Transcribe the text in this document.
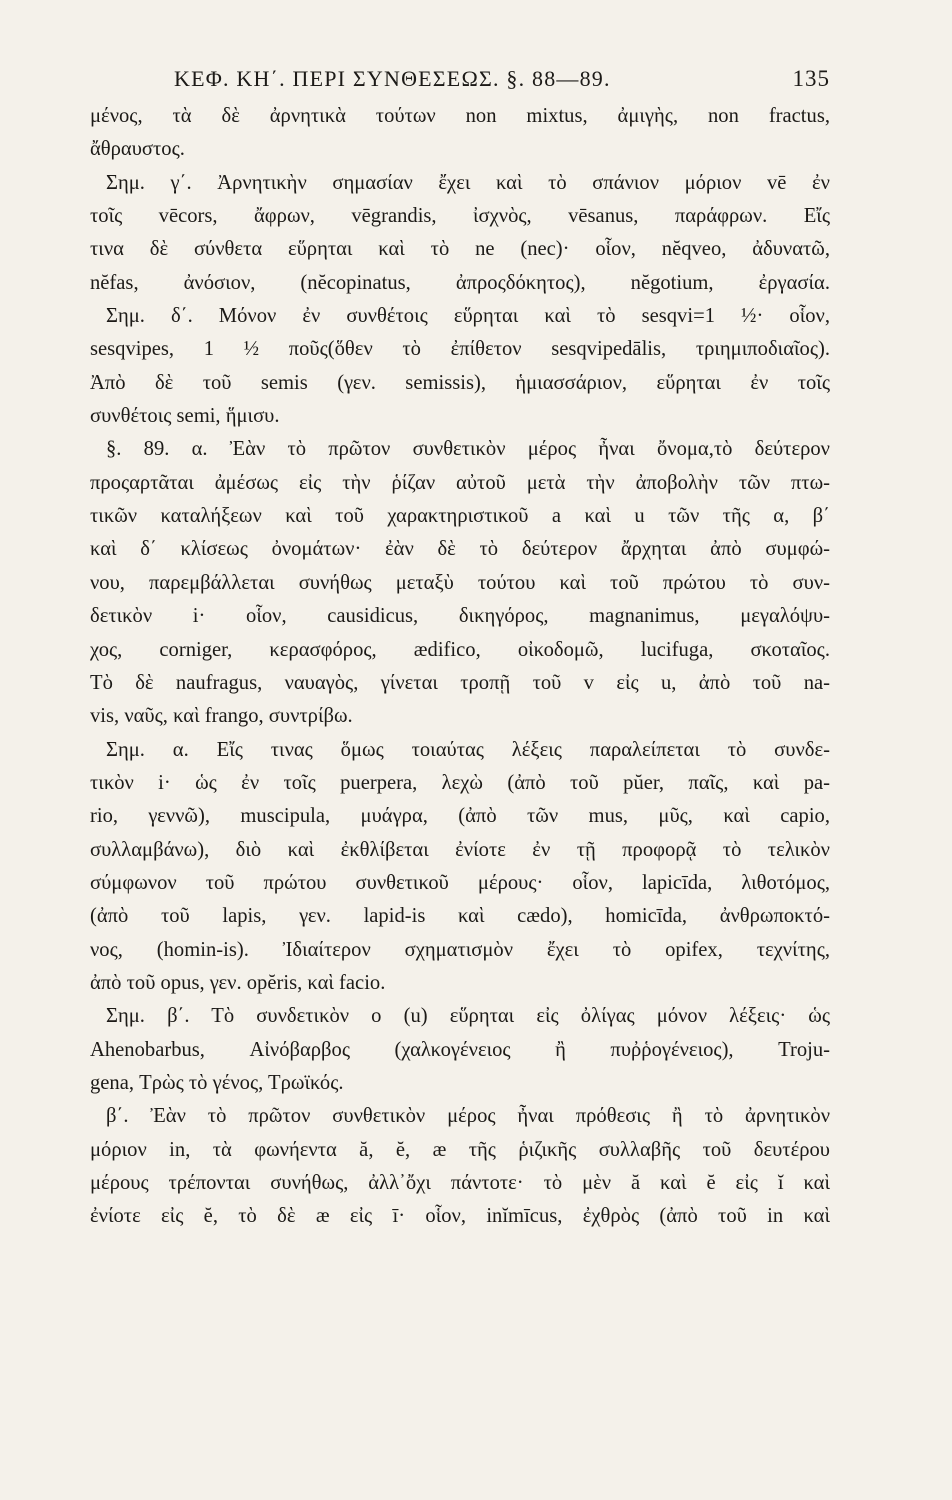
ΚΕΦ. ΚΗ΄. ΠΕΡΙ ΣΥΝΘΕΣΕΩΣ. §. 88—89.	135
μένος, τὰ δὲ ἀρνητικὰ τούτων non mixtus, ἀμιγὴς, non fractus,
ἄθραυστος.
Σημ. γ΄. Ἀρνητικὴν σημασίαν ἔχει καὶ τὸ σπάνιον μόριον vē ἐν
τοῖς vēcors, ἄφρων, vēgrandis, ἰσχνὸς, vēsanus, παράφρων. Εἴς
τινα δὲ σύνθετα εὕρηται καὶ τὸ ne (nec)· οἷον, nĕqveo, ἀδυνατῶ,
nĕfas, ἀνόσιον, (nĕcopinatus, ἀπροςδόκητος), nĕgotium, ἐργασία.
Σημ. δ΄. Μόνον ἐν συνθέτοις εὕρηται καὶ τὸ sesqvi=1 ½· οἷον,
sesqvipes, 1 ½ ποῦς(ὅθεν τὸ ἐπίθετον sesqvipedālis, τριημιποδιαῖος).
Ἀπὸ δὲ τοῦ semis (γεν. semissis), ἡμιασσάριον, εὕρηται ἐν τοῖς
συνθέτοις semi, ἥμισυ.
§. 89. α. Ἐὰν τὸ πρῶτον συνθετικὸν μέρος ἦναι ὄνομα,τὸ δεύτερον
προςαρτᾶται ἀμέσως εἰς τὴν ῥίζαν αὐτοῦ μετὰ τὴν ἀποβολὴν τῶν πτω-
τικῶν καταλήξεων καὶ τοῦ χαρακτηριστικοῦ a καὶ u τῶν τῆς α, β΄
καὶ δ΄ κλίσεως ὀνομάτων· ἐὰν δὲ τὸ δεύτερον ἄρχηται ἀπὸ συμφώ-
νου, παρεμβάλλεται συνήθως μεταξὺ τούτου καὶ τοῦ πρώτου τὸ συν-
δετικὸν i· οἷον, causidicus, δικηγόρος, magnanimus, μεγαλόψυ-
χος, corniger, κερασφόρος, ædifico, οἰκοδομῶ, lucifuga, σκοταῖος.
Τὸ δὲ naufragus, ναυαγὸς, γίνεται τροπῇ τοῦ v εἰς u, ἀπὸ τοῦ na-
vis, ναῦς, καὶ frango, συντρίβω.
Σημ. α. Εἴς τινας ὅμως τοιαύτας λέξεις παραλείπεται τὸ συνδε-
τικὸν i· ὡς ἐν τοῖς puerpera, λεχὼ (ἀπὸ τοῦ pŭer, παῖς, καὶ pa-
rio, γεννῶ), muscipula, μυάγρα, (ἀπὸ τῶν mus, μῦς, καὶ capio,
συλλαμβάνω), διὸ καὶ ἐκθλίβεται ἐνίοτε ἐν τῇ προφορᾷ τὸ τελικὸν
σύμφωνον τοῦ πρώτου συνθετικοῦ μέρους· οἷον, lapicīda, λιθοτόμος,
(ἀπὸ τοῦ lapis, γεν. lapid-is καὶ cædo), homicīda, ἀνθρωποκτό-
νος, (homin-is). Ἰδιαίτερον σχηματισμὸν ἔχει τὸ opifex, τεχνίτης,
ἀπὸ τοῦ opus, γεν. opĕris, καὶ facio.
Σημ. β΄. Τὸ συνδετικὸν o (u) εὕρηται εἰς ὀλίγας μόνον λέξεις· ὡς
Ahenobarbus, Αἰνόβαρβος (χαλκογένειος ἢ πυῤῥογένειος), Troju-
gena, Τρὼς τὸ γένος, Τρωϊκός.
β΄. Ἐὰν τὸ πρῶτον συνθετικὸν μέρος ἦναι πρόθεσις ἢ τὸ ἀρνητικὸν
μόριον in, τὰ φωνήεντα ă, ĕ, æ τῆς ῥιζικῆς συλλαβῆς τοῦ δευτέρου
μέρους τρέπονται συνήθως, ἀλλ᾽ὄχι πάντοτε· τὸ μὲν ă καὶ ĕ εἰς ĭ καὶ
ἐνίοτε εἰς ĕ, τὸ δὲ æ εἰς ī· οἷον, inĭmīcus, ἐχθρὸς (ἀπὸ τοῦ in καὶ
